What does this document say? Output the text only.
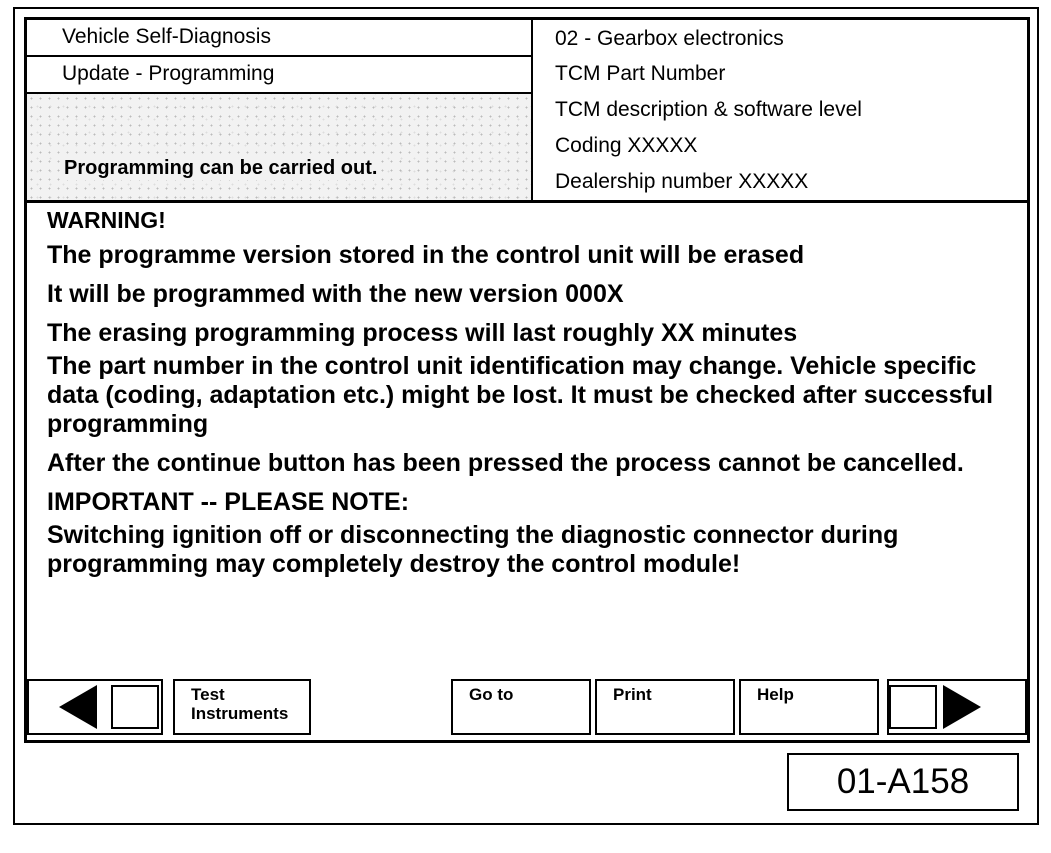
Vehicle Self-Diagnosis
Update - Programming
Programming can be carried out.
02 - Gearbox electronics
TCM Part Number
TCM description & software level
Coding XXXXX
Dealership number XXXXX

WARNING!

The programme version stored in the control unit will be erased

It will be programmed with the new version 000X

The erasing programming process will last roughly XX minutes

The part number in the control unit identification may change. Vehicle specific data (coding, adaptation etc.) might be lost. It must be checked after successful programming

After the continue button has been pressed the process cannot be cancelled.

IMPORTANT -- PLEASE NOTE:

Switching ignition off or disconnecting the diagnostic connector during programming may completely destroy the control module!

Test
Instruments
Go to	Print	Help
01-A158
